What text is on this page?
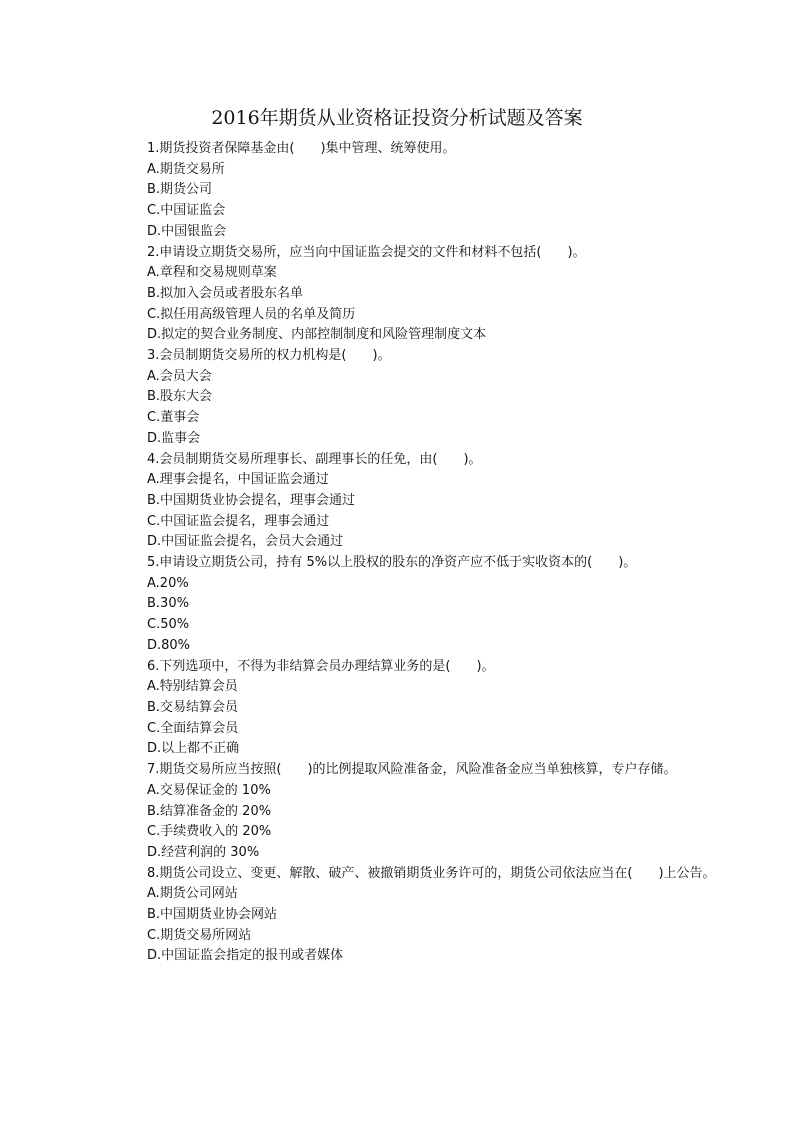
2016年期货从业资格证投资分析试题及答案
1.期货投资者保障基金由(　　)集中管理、统筹使用。
A.期货交易所
B.期货公司
C.中国证监会
D.中国银监会
2.申请设立期货交易所，应当向中国证监会提交的文件和材料不包括(　　)。
A.章程和交易规则草案
B.拟加入会员或者股东名单
C.拟任用高级管理人员的名单及简历
D.拟定的契合业务制度、内部控制制度和风险管理制度文本
3.会员制期货交易所的权力机构是(　　)。
A.会员大会
B.股东大会
C.董事会
D.监事会
4.会员制期货交易所理事长、副理事长的任免，由(　　)。
A.理事会提名，中国证监会通过
B.中国期货业协会提名，理事会通过
C.中国证监会提名，理事会通过
D.中国证监会提名，会员大会通过
5.申请设立期货公司，持有 5%以上股权的股东的净资产应不低于实收资本的(　　)。
A.20%
B.30%
C.50%
D.80%
6.下列选项中，不得为非结算会员办理结算业务的是(　　)。
A.特别结算会员
B.交易结算会员
C.全面结算会员
D.以上都不正确
7.期货交易所应当按照(　　)的比例提取风险准备金，风险准备金应当单独核算，专户存储。
A.交易保证金的 10%
B.结算准备金的 20%
C.手续费收入的 20%
D.经营利润的 30%
8.期货公司设立、变更、解散、破产、被撤销期货业务许可的，期货公司依法应当在(　　)上公告。
A.期货公司网站
B.中国期货业协会网站
C.期货交易所网站
D.中国证监会指定的报刊或者媒体
